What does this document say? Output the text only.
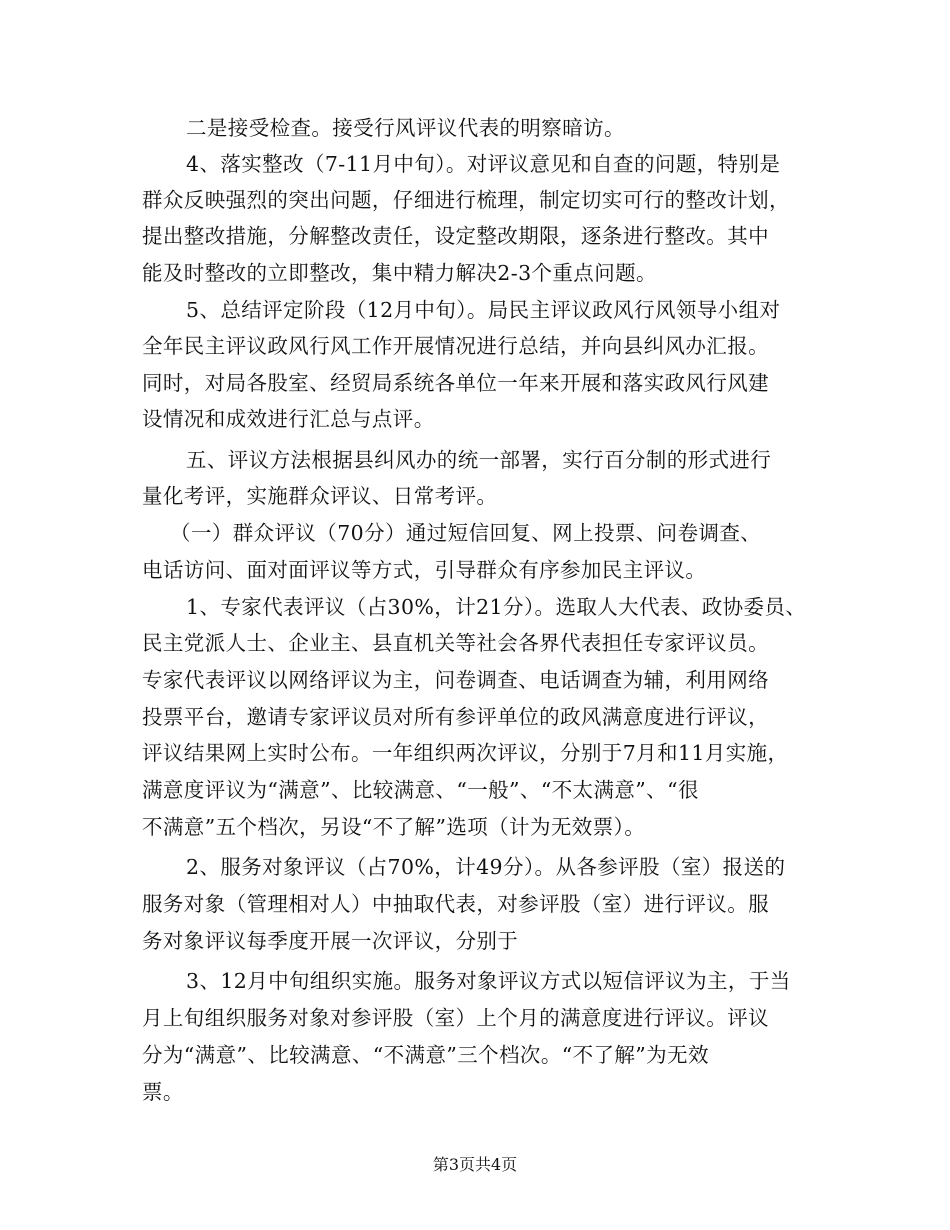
二是接受检查。接受行风评议代表的明察暗访。
4、落实整改（7-11月中旬）。对评议意见和自查的问题，特别是
群众反映强烈的突出问题，仔细进行梳理，制定切实可行的整改计划，
提出整改措施，分解整改责任，设定整改期限，逐条进行整改。其中
能及时整改的立即整改，集中精力解决2-3个重点问题。
5、总结评定阶段（12月中旬）。局民主评议政风行风领导小组对
全年民主评议政风行风工作开展情况进行总结，并向县纠风办汇报。
同时，对局各股室、经贸局系统各单位一年来开展和落实政风行风建
设情况和成效进行汇总与点评。
五、评议方法根据县纠风办的统一部署，实行百分制的形式进行
量化考评，实施群众评议、日常考评。
（一）群众评议（70分）通过短信回复、网上投票、问卷调查、
电话访问、面对面评议等方式，引导群众有序参加民主评议。
1、专家代表评议（占30%，计21分）。选取人大代表、政协委员、
民主党派人士、企业主、县直机关等社会各界代表担任专家评议员。
专家代表评议以网络评议为主，问卷调查、电话调查为辅，利用网络
投票平台，邀请专家评议员对所有参评单位的政风满意度进行评议，
评议结果网上实时公布。一年组织两次评议，分别于7月和11月实施，
满意度评议为“满意”、比较满意、“一般”、“不太满意”、“很
不满意”五个档次，另设“不了解”选项（计为无效票）。
2、服务对象评议（占70%，计49分）。从各参评股（室）报送的
服务对象（管理相对人）中抽取代表，对参评股（室）进行评议。服
务对象评议每季度开展一次评议，分别于
3、12月中旬组织实施。服务对象评议方式以短信评议为主，于当
月上旬组织服务对象对参评股（室）上个月的满意度进行评议。评议
分为“满意”、比较满意、“不满意”三个档次。“不了解”为无效
票。
第3页共4页
